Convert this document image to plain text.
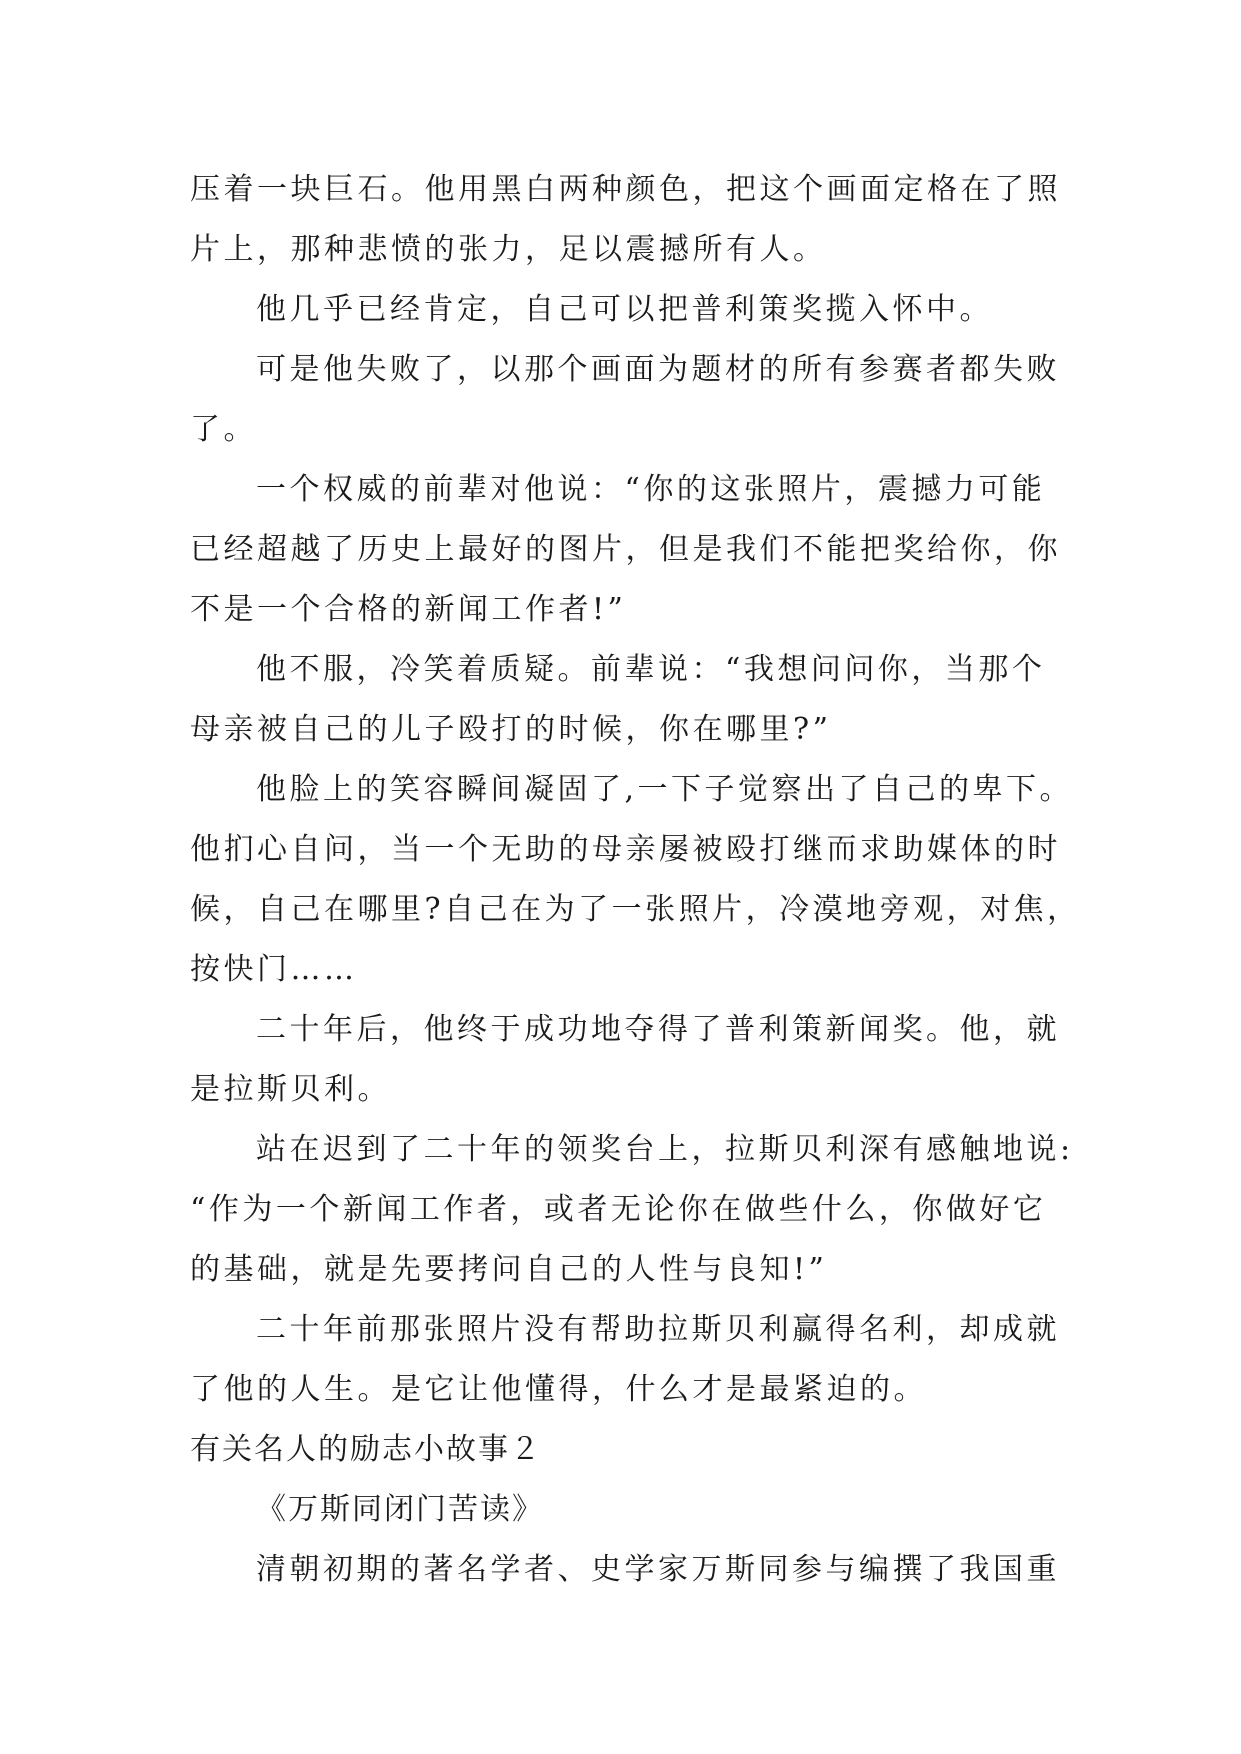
压着一块巨石。他用黑白两种颜色，把这个画面定格在了照
片上，那种悲愤的张力，足以震撼所有人。
他几乎已经肯定，自己可以把普利策奖揽入怀中。
可是他失败了，以那个画面为题材的所有参赛者都失败
了。
一个权威的前辈对他说：“你的这张照片，震撼力可能
已经超越了历史上最好的图片，但是我们不能把奖给你，你
不是一个合格的新闻工作者!”
他不服，冷笑着质疑。前辈说：“我想问问你，当那个
母亲被自己的儿子殴打的时候，你在哪里?”
他脸上的笑容瞬间凝固了,一下子觉察出了自己的卑下。
他扪心自问，当一个无助的母亲屡被殴打继而求助媒体的时
候，自己在哪里?自己在为了一张照片，冷漠地旁观，对焦，
按快门……
二十年后，他终于成功地夺得了普利策新闻奖。他，就
是拉斯贝利。
站在迟到了二十年的领奖台上，拉斯贝利深有感触地说:
“作为一个新闻工作者，或者无论你在做些什么，你做好它
的基础，就是先要拷问自己的人性与良知!”
二十年前那张照片没有帮助拉斯贝利赢得名利，却成就
了他的人生。是它让他懂得，什么才是最紧迫的。
有关名人的励志小故事２
《万斯同闭门苦读》
清朝初期的著名学者、史学家万斯同参与编撰了我国重
